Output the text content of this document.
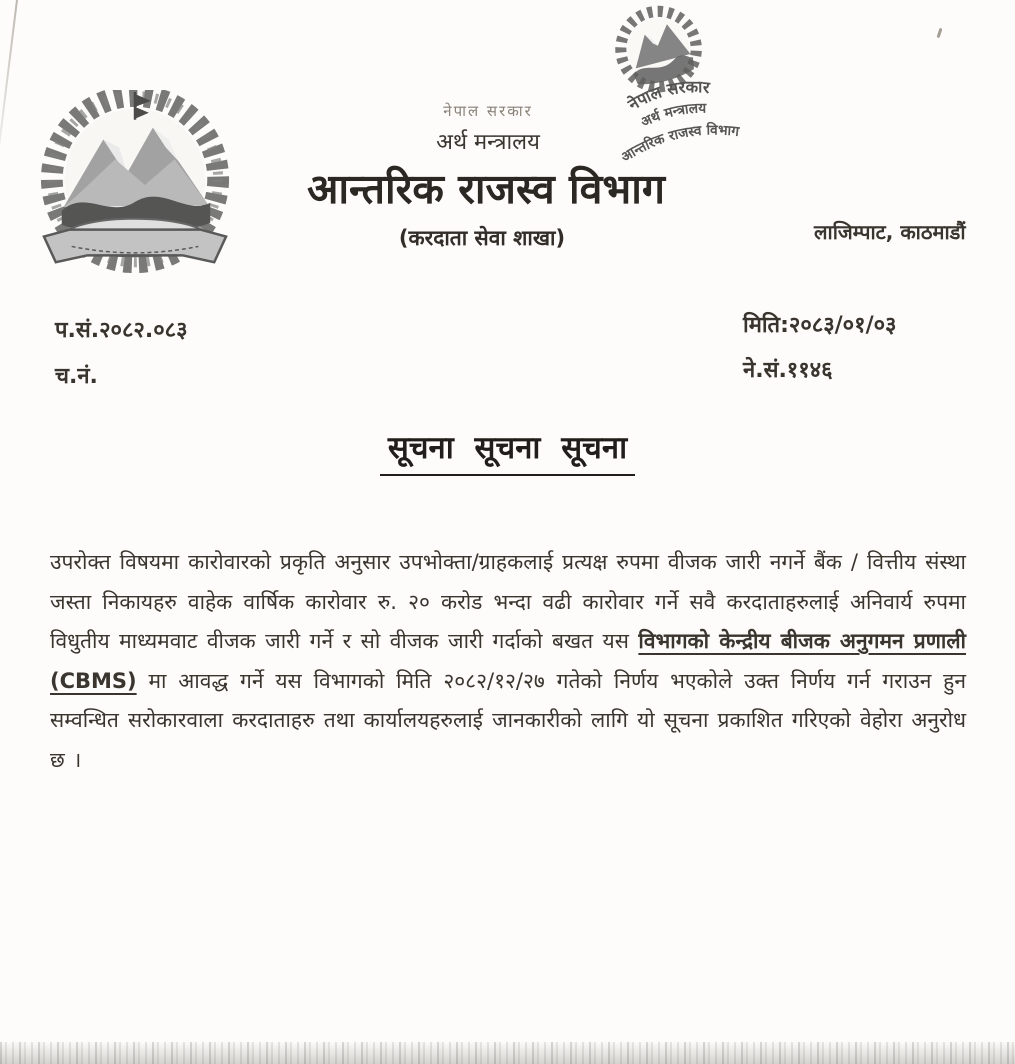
नेपाल सरकार
अर्थ मन्त्रालय
आन्तरिक राजस्व विभाग
(करदाता सेवा शाखा)	लाजिम्पाट, काठमाडौं
नेपाल सरकार
अर्थ मन्त्रालय
आन्तरिक राजस्व विभाग
प.सं.२०८२.०८३
च.नं.
मिति:२०८३/०१/०३
ने.सं.११४६
सूचना सूचना सूचना

उपरोक्त विषयमा कारोवारको प्रकृति अनुसार उपभोक्ता/ग्राहकलाई प्रत्यक्ष रुपमा वीजक जारी नगर्ने बैंक / वित्तीय संस्था जस्ता निकायहरु वाहेक वार्षिक कारोवार रु. २० करोड भन्दा वढी कारोवार गर्ने सवै करदाताहरुलाई अनिवार्य रुपमा विधुतीय माध्यमवाट वीजक जारी गर्ने र सो वीजक जारी गर्दाको बखत यस विभागको केन्द्रीय बीजक अनुगमन प्रणाली (CBMS) मा आवद्ध गर्ने यस विभागको मिति २०८२/१२/२७ गतेको निर्णय भएकोले उक्त निर्णय गर्न गराउन हुन सम्वन्धित सरोकारवाला करदाताहरु तथा कार्यालयहरुलाई जानकारीको लागि यो सूचना प्रकाशित गरिएको वेहोरा अनुरोध छ ।
